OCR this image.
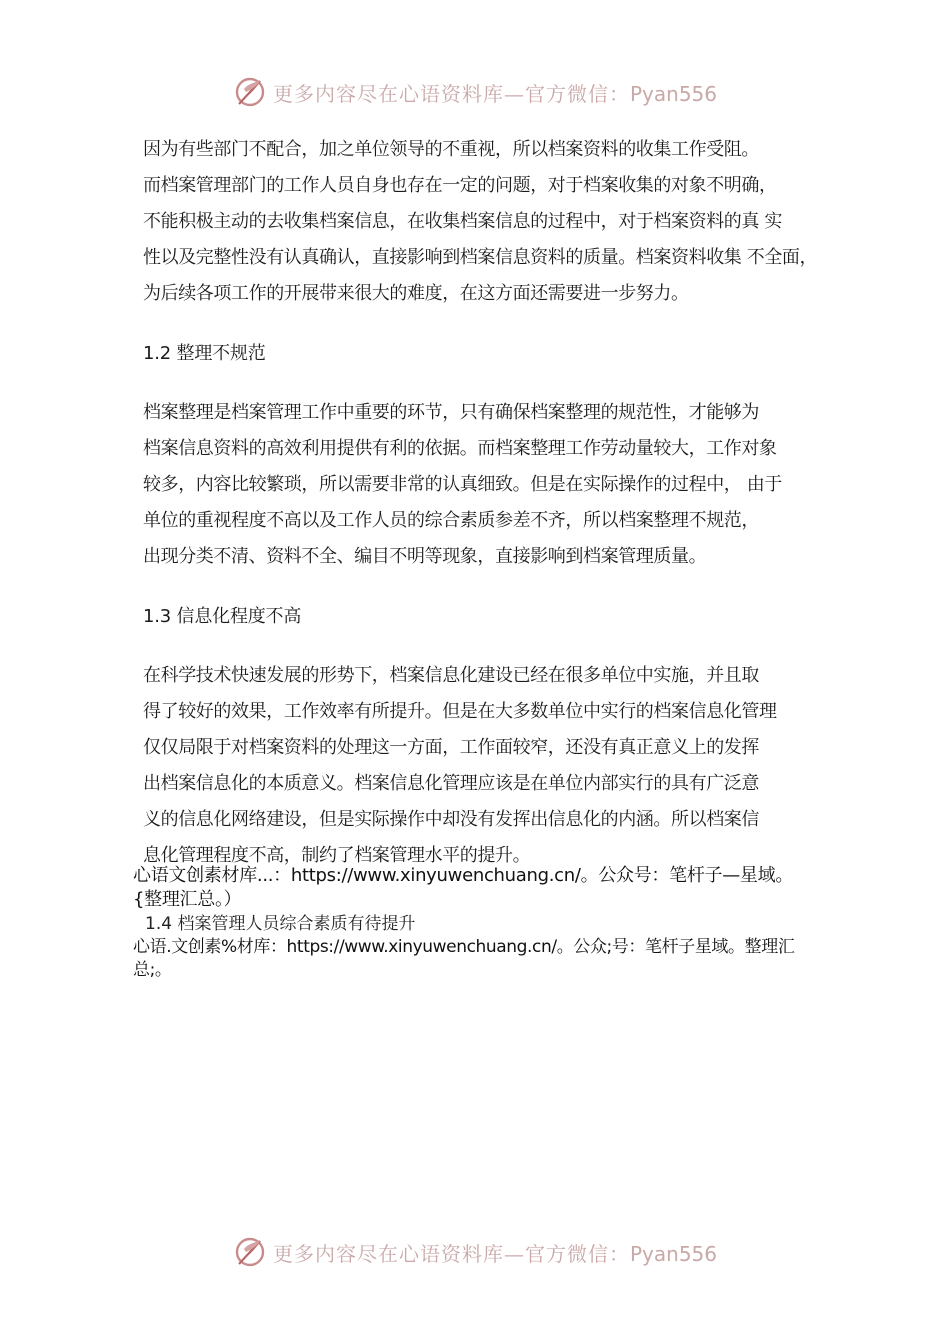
更多内容尽在心语资料库—官方微信：Pyan556

因为有些部门不配合，加之单位领导的不重视，所以档案资料的收集工作受阻。

而档案管理部门的工作人员自身也存在一定的问题，对于档案收集的对象不明确，

不能积极主动的去收集档案信息，在收集档案信息的过程中，对于档案资料的真 实

性以及完整性没有认真确认，直接影响到档案信息资料的质量。档案资料收集 不全面，

为后续各项工作的开展带来很大的难度，在这方面还需要进一步努力。

1.2 整理不规范

档案整理是档案管理工作中重要的环节，只有确保档案整理的规范性，才能够为

档案信息资料的高效利用提供有利的依据。而档案整理工作劳动量较大，工作对象

较多，内容比较繁琐，所以需要非常的认真细致。但是在实际操作的过程中， 由于

单位的重视程度不高以及工作人员的综合素质参差不齐，所以档案整理不规范，

出现分类不清、资料不全、编目不明等现象，直接影响到档案管理质量。

1.3 信息化程度不高

在科学技术快速发展的形势下，档案信息化建设已经在很多单位中实施，并且取

得了较好的效果，工作效率有所提升。但是在大多数单位中实行的档案信息化管理

仅仅局限于对档案资料的处理这一方面，工作面较窄，还没有真正意义上的发挥

出档案信息化的本质意义。档案信息化管理应该是在单位内部实行的具有广泛意

义的信息化网络建设，但是实际操作中却没有发挥出信息化的内涵。所以档案信

息化管理程度不高，制约了档案管理水平的提升。

心语文创素材库...：https://www.xinyuwenchuang.cn/。公众号：笔杆子—星域。

{整理汇总。）

1.4 档案管理人员综合素质有待提升

心语.文创素%材库：https://www.xinyuwenchuang.cn/。公众;号：笔杆子星域。整理汇

总;。

更多内容尽在心语资料库—官方微信：Pyan556
